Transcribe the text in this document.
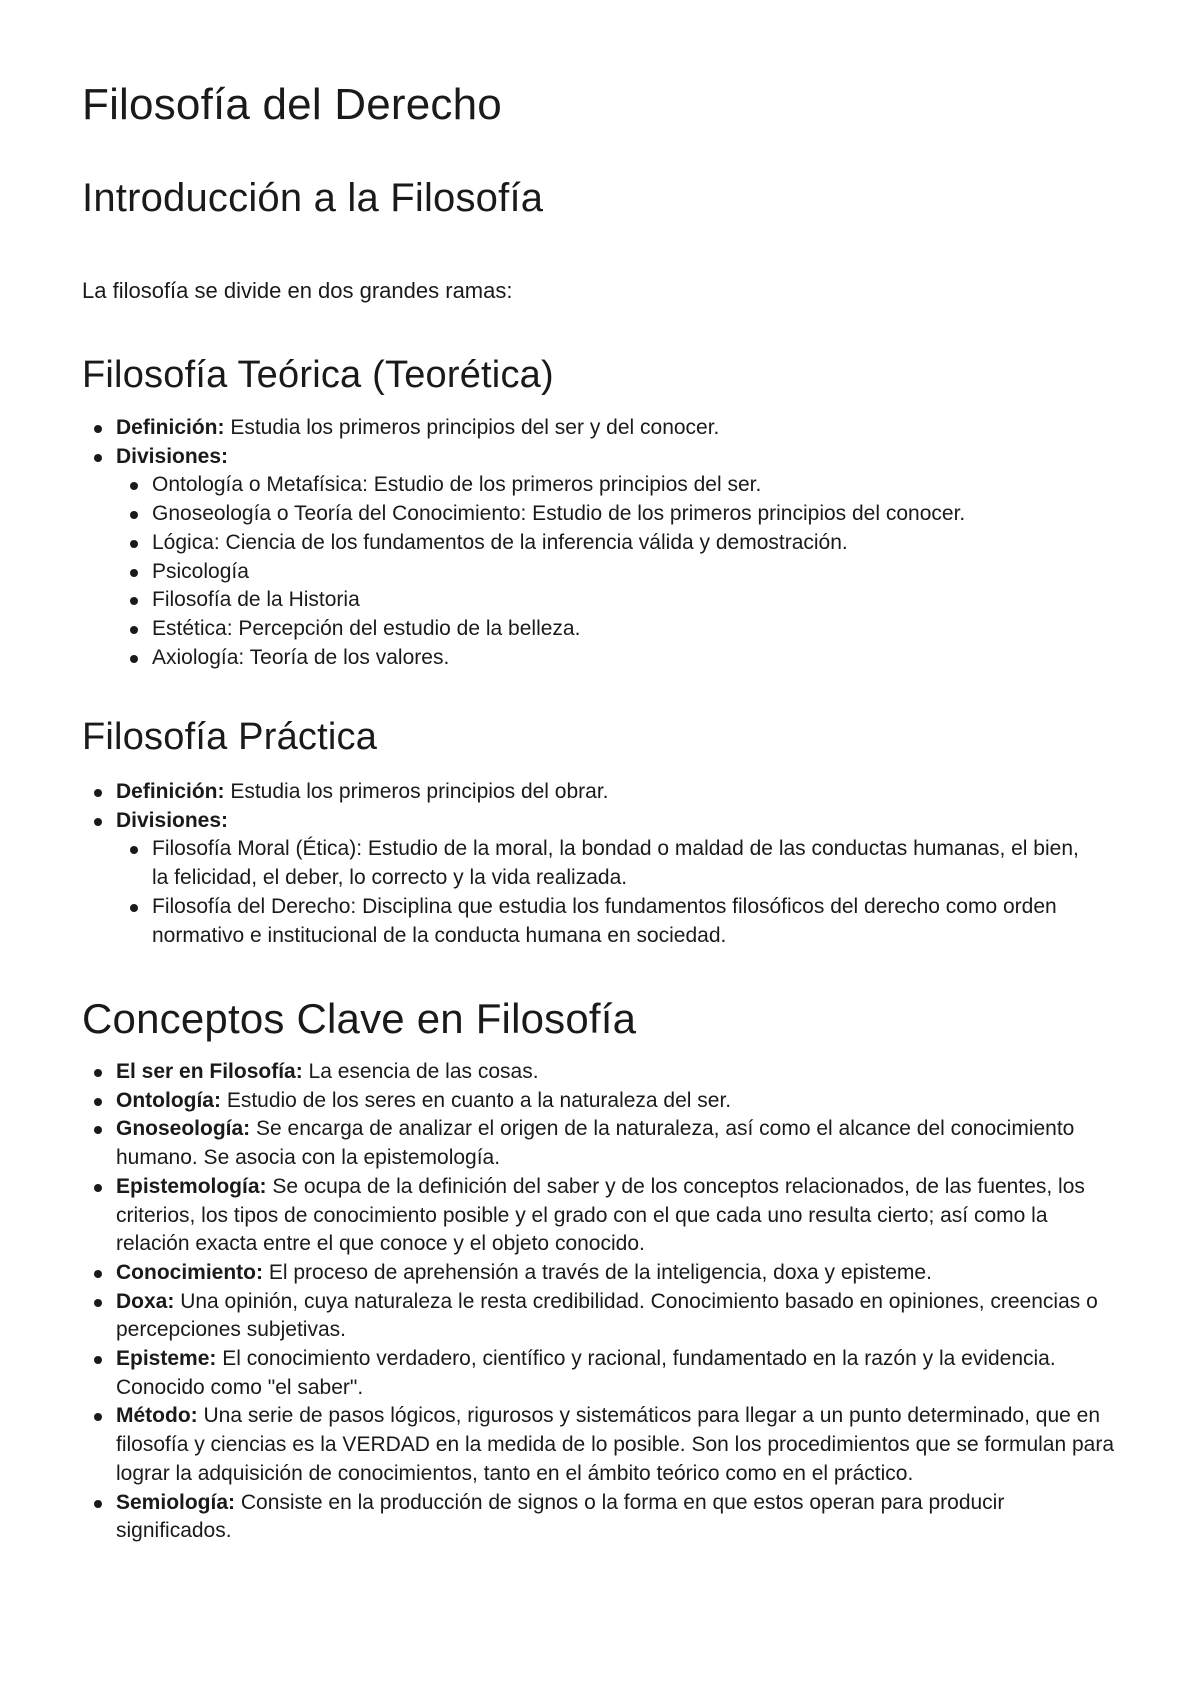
Filosofía del Derecho
Introducción a la Filosofía

La filosofía se divide en dos grandes ramas:

Filosofía Teórica (Teorética)
Definición: Estudia los primeros principios del ser y del conocer.
Divisiones:
Ontología o Metafísica: Estudio de los primeros principios del ser.
Gnoseología o Teoría del Conocimiento: Estudio de los primeros principios del conocer.
Lógica: Ciencia de los fundamentos de la inferencia válida y demostración.
Psicología
Filosofía de la Historia
Estética: Percepción del estudio de la belleza.
Axiología: Teoría de los valores.
Filosofía Práctica
Definición: Estudia los primeros principios del obrar.
Divisiones:
Filosofía Moral (Ética): Estudio de la moral, la bondad o maldad de las conductas humanas, el bien, la felicidad, el deber, lo correcto y la vida realizada.
Filosofía del Derecho: Disciplina que estudia los fundamentos filosóficos del derecho como orden normativo e institucional de la conducta humana en sociedad.
Conceptos Clave en Filosofía
El ser en Filosofía: La esencia de las cosas.
Ontología: Estudio de los seres en cuanto a la naturaleza del ser.
Gnoseología: Se encarga de analizar el origen de la naturaleza, así como el alcance del conocimiento humano. Se asocia con la epistemología.
Epistemología: Se ocupa de la definición del saber y de los conceptos relacionados, de las fuentes, los criterios, los tipos de conocimiento posible y el grado con el que cada uno resulta cierto; así como la relación exacta entre el que conoce y el objeto conocido.
Conocimiento: El proceso de aprehensión a través de la inteligencia, doxa y episteme.
Doxa: Una opinión, cuya naturaleza le resta credibilidad. Conocimiento basado en opiniones, creencias o percepciones subjetivas.
Episteme: El conocimiento verdadero, científico y racional, fundamentado en la razón y la evidencia. Conocido como "el saber".
Método: Una serie de pasos lógicos, rigurosos y sistemáticos para llegar a un punto determinado, que en filosofía y ciencias es la VERDAD en la medida de lo posible. Son los procedimientos que se formulan para lograr la adquisición de conocimientos, tanto en el ámbito teórico como en el práctico.
Semiología: Consiste en la producción de signos o la forma en que estos operan para producir significados.
